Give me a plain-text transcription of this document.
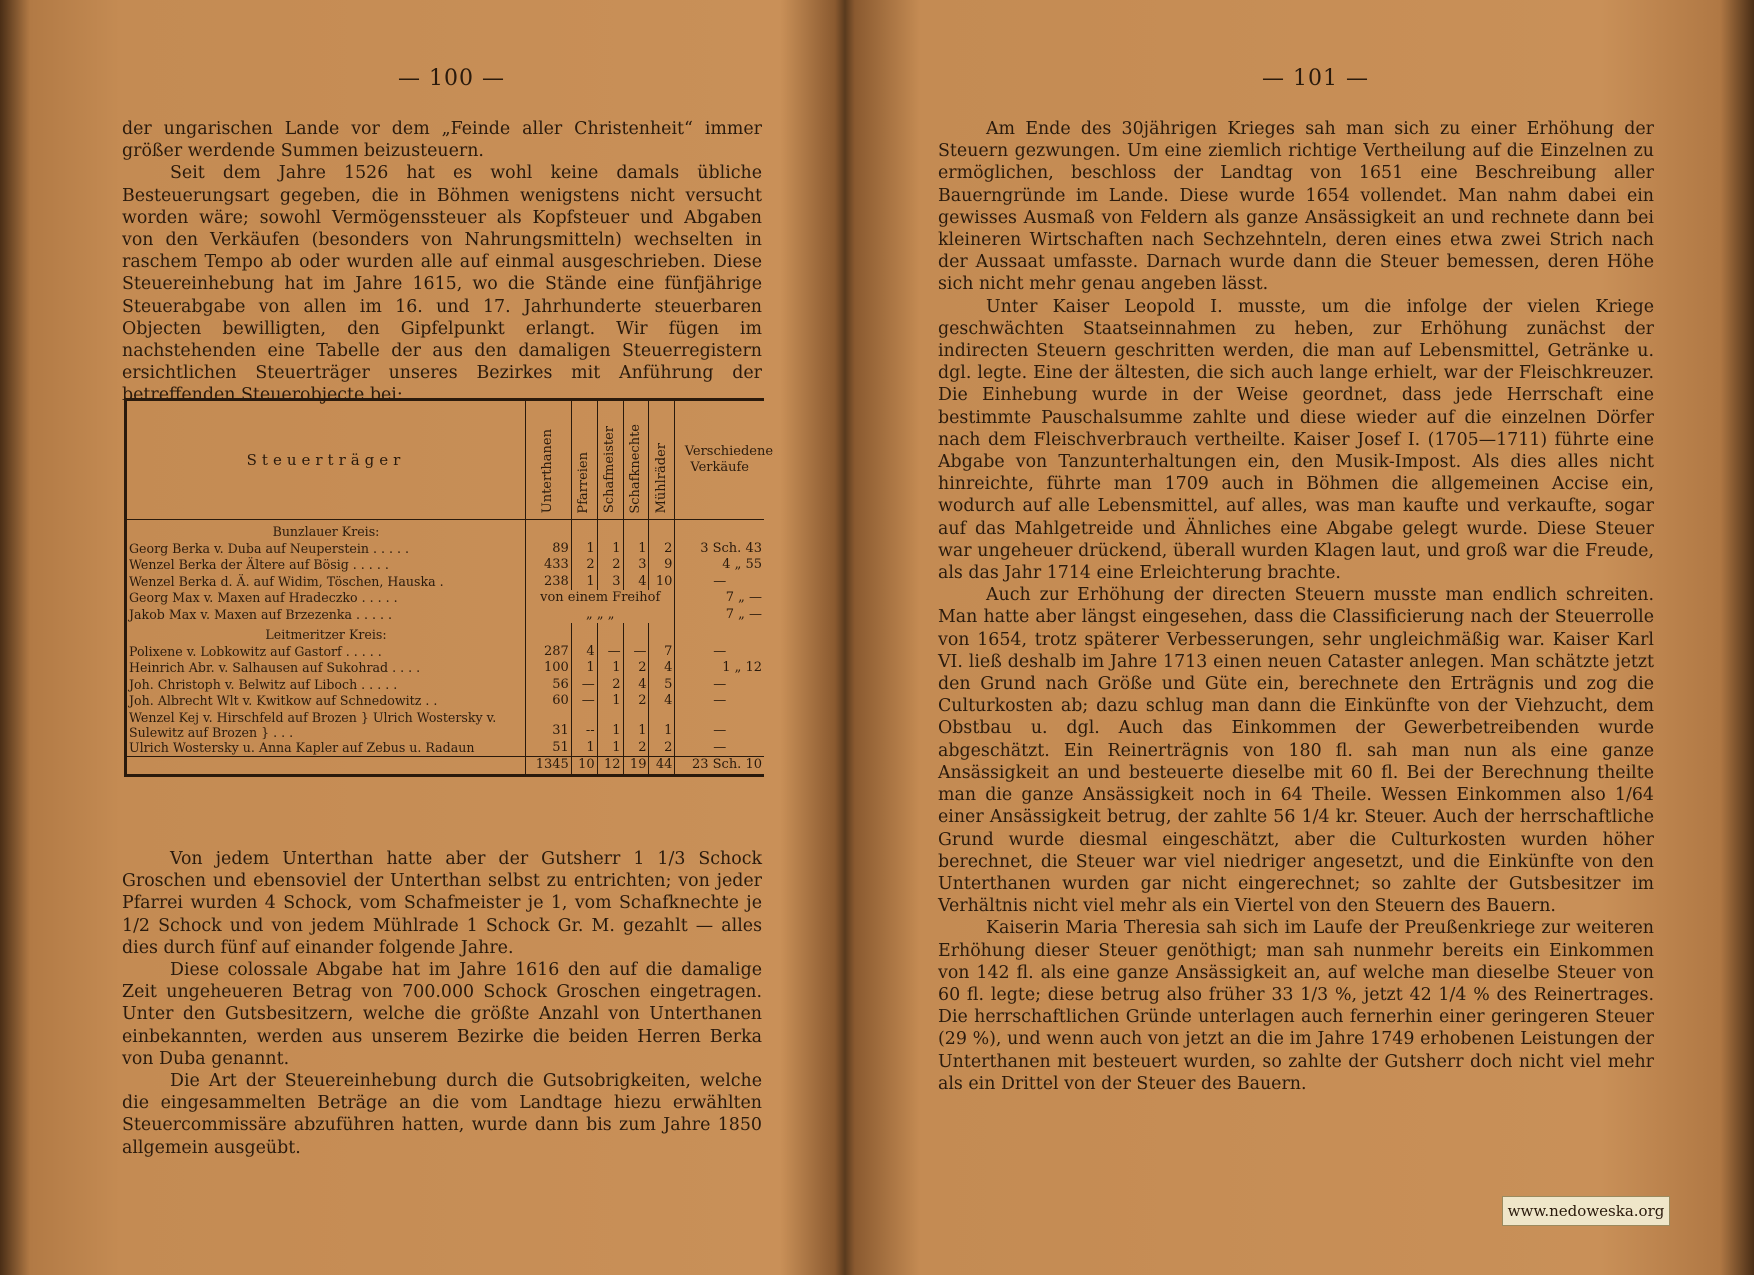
— 100 —

der ungarischen Lande vor dem „Feinde aller Christenheit“ immer größer werdende Summen beizusteuern.

Seit dem Jahre 1526 hat es wohl keine damals übliche Besteuerungsart gegeben, die in Böhmen wenigstens nicht versucht worden wäre; sowohl Vermögenssteuer als Kopfsteuer und Abgaben von den Verkäufen (besonders von Nahrungsmitteln) wechselten in raschem Tempo ab oder wurden alle auf einmal ausgeschrieben. Diese Steuereinhebung hat im Jahre 1615, wo die Stände eine fünfjährige Steuerabgabe von allen im 16. und 17. Jahrhunderte steuerbaren Objecten bewilligten, den Gipfelpunkt erlangt. Wir fügen im nachstehenden eine Tabelle der aus den damaligen Steuerregistern ersichtlichen Steuerträger unseres Bezirkes mit Anführung der betreffenden Steuerobjecte bei:

Steuerträger	Unterthanen	Pfarreien	Schafmeister	Schafknechte	Mühlräder	Verschiedene Verkäufe
Bunzlauer Kreis:						
Georg Berka v. Duba auf Neuperstein . . . . .	89	1	1	1	2	3 Sch. 43
Wenzel Berka der Ältere auf Bösig . . . . .	433	2	2	3	9	4 „ 55
Wenzel Berka d. Ä. auf Widim, Töschen, Hauska .	238	1	3	4	10	—
Georg Max v. Maxen auf Hradeczko . . . . .	von einem Freihof					7 „ —
Jakob Max v. Maxen auf Brzezenka . . . . .	„ „ „					7 „ —
Leitmeritzer Kreis:						
Polixene v. Lobkowitz auf Gastorf . . . . .	287	4	—	—	7	—
Heinrich Abr. v. Salhausen auf Sukohrad . . . .	100	1	1	2	4	1 „ 12
Joh. Christoph v. Belwitz auf Liboch . . . . .	56	—	2	4	5	—
Joh. Albrecht Wlt v. Kwitkow auf Schnedowitz . .	60	—	1	2	4	—
Wenzel Kej v. Hirschfeld auf Brozen } Ulrich Wostersky v. Sulewitz auf Brozen } . . .	31	--	1	1	1	—
Ulrich Wostersky u. Anna Kapler auf Zebus u. Radaun	51	1	1	2	2	—
	1345	10	12	19	44	23 Sch. 10

Von jedem Unterthan hatte aber der Gutsherr 1 1/3 Schock Groschen und ebensoviel der Unterthan selbst zu entrichten; von jeder Pfarrei wurden 4 Schock, vom Schafmeister je 1, vom Schafknechte je 1/2 Schock und von jedem Mühlrade 1 Schock Gr. M. gezahlt — alles dies durch fünf auf einander folgende Jahre.

Diese colossale Abgabe hat im Jahre 1616 den auf die damalige Zeit ungeheueren Betrag von 700.000 Schock Groschen eingetragen. Unter den Gutsbesitzern, welche die größte Anzahl von Unterthanen einbekannten, werden aus unserem Bezirke die beiden Herren Berka von Duba genannt.

Die Art der Steuereinhebung durch die Gutsobrigkeiten, welche die eingesammelten Beträge an die vom Landtage hiezu erwählten Steuercommissäre abzuführen hatten, wurde dann bis zum Jahre 1850 allgemein ausgeübt.

— 101 —

Am Ende des 30jährigen Krieges sah man sich zu einer Erhöhung der Steuern gezwungen. Um eine ziemlich richtige Vertheilung auf die Einzelnen zu ermöglichen, beschloss der Landtag von 1651 eine Beschreibung aller Bauerngründe im Lande. Diese wurde 1654 vollendet. Man nahm dabei ein gewisses Ausmaß von Feldern als ganze Ansässigkeit an und rechnete dann bei kleineren Wirtschaften nach Sechzehnteln, deren eines etwa zwei Strich nach der Aussaat umfasste. Darnach wurde dann die Steuer bemessen, deren Höhe sich nicht mehr genau angeben lässt.

Unter Kaiser Leopold I. musste, um die infolge der vielen Kriege geschwächten Staatseinnahmen zu heben, zur Erhöhung zunächst der indirecten Steuern geschritten werden, die man auf Lebensmittel, Getränke u. dgl. legte. Eine der ältesten, die sich auch lange erhielt, war der Fleischkreuzer. Die Einhebung wurde in der Weise geordnet, dass jede Herrschaft eine bestimmte Pauschalsumme zahlte und diese wieder auf die einzelnen Dörfer nach dem Fleischverbrauch vertheilte. Kaiser Josef I. (1705—1711) führte eine Abgabe von Tanzunterhaltungen ein, den Musik-Impost. Als dies alles nicht hinreichte, führte man 1709 auch in Böhmen die allgemeinen Accise ein, wodurch auf alle Lebensmittel, auf alles, was man kaufte und verkaufte, sogar auf das Mahlgetreide und Ähnliches eine Abgabe gelegt wurde. Diese Steuer war ungeheuer drückend, überall wurden Klagen laut, und groß war die Freude, als das Jahr 1714 eine Erleichterung brachte.

Auch zur Erhöhung der directen Steuern musste man endlich schreiten. Man hatte aber längst eingesehen, dass die Classificierung nach der Steuerrolle von 1654, trotz späterer Verbesserungen, sehr ungleichmäßig war. Kaiser Karl VI. ließ deshalb im Jahre 1713 einen neuen Cataster anlegen. Man schätzte jetzt den Grund nach Größe und Güte ein, berechnete den Erträgnis und zog die Culturkosten ab; dazu schlug man dann die Einkünfte von der Viehzucht, dem Obstbau u. dgl. Auch das Einkommen der Gewerbetreibenden wurde abgeschätzt. Ein Reinerträgnis von 180 fl. sah man nun als eine ganze Ansässigkeit an und besteuerte dieselbe mit 60 fl. Bei der Berechnung theilte man die ganze Ansässigkeit noch in 64 Theile. Wessen Einkommen also 1/64 einer Ansässigkeit betrug, der zahlte 56 1/4 kr. Steuer. Auch der herrschaftliche Grund wurde diesmal eingeschätzt, aber die Culturkosten wurden höher berechnet, die Steuer war viel niedriger angesetzt, und die Einkünfte von den Unterthanen wurden gar nicht eingerechnet; so zahlte der Gutsbesitzer im Verhältnis nicht viel mehr als ein Viertel von den Steuern des Bauern.

Kaiserin Maria Theresia sah sich im Laufe der Preußenkriege zur weiteren Erhöhung dieser Steuer genöthigt; man sah nunmehr bereits ein Einkommen von 142 fl. als eine ganze Ansässigkeit an, auf welche man dieselbe Steuer von 60 fl. legte; diese betrug also früher 33 1/3 %, jetzt 42 1/4 % des Reinertrages. Die herrschaftlichen Gründe unterlagen auch fernerhin einer geringeren Steuer (29 %), und wenn auch von jetzt an die im Jahre 1749 erhobenen Leistungen der Unterthanen mit besteuert wurden, so zahlte der Gutsherr doch nicht viel mehr als ein Drittel von der Steuer des Bauern.

www.nedoweska.org
